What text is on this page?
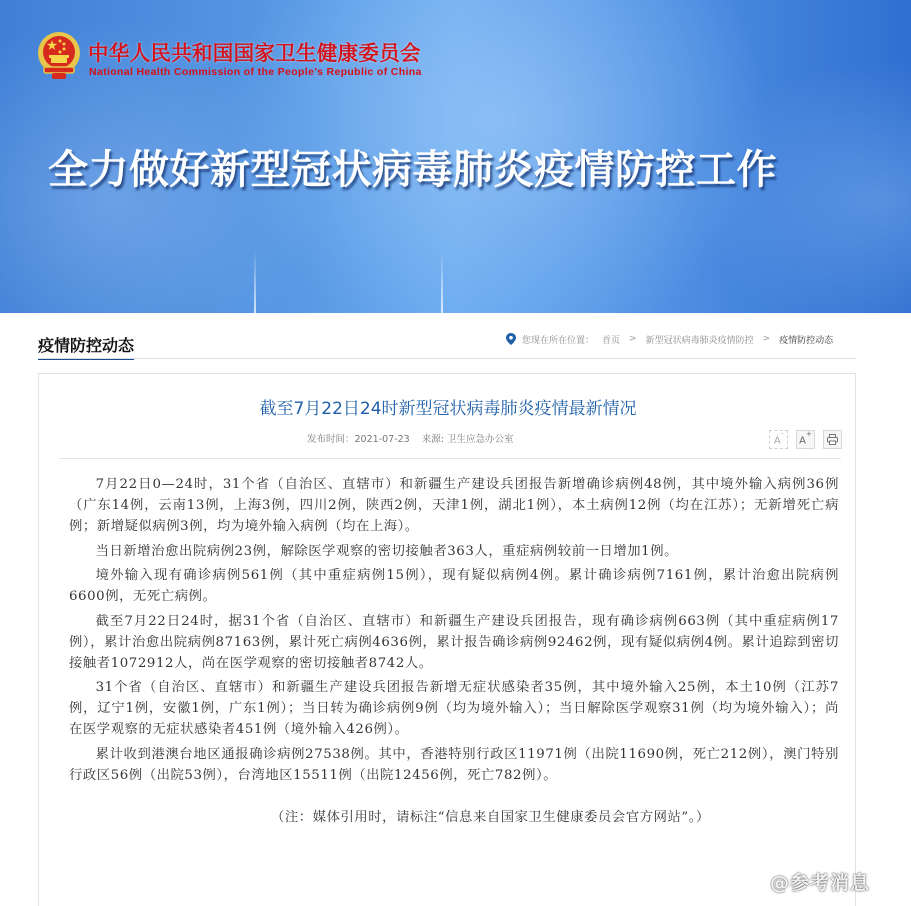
中华人民共和国国家卫生健康委员会
National Health Commission of the People’s Republic of China
全力做好新型冠状病毒肺炎疫情防控工作
疫情防控动态	您现在所在位置： 首页 > 新型冠状病毒肺炎疫情防控 > 疫情防控动态
截至7月22日24时新型冠状病毒肺炎疫情最新情况
发布时间：2021-07-23 来源: 卫生应急办公室	A-
A+

7月22日0—24时，31个省（自治区、直辖市）和新疆生产建设兵团报告新增确诊病例48例，其中境外输入病例36例（广东14例，云南13例，上海3例，四川2例，陕西2例，天津1例，湖北1例），本土病例12例（均在江苏）；无新增死亡病例；新增疑似病例3例，均为境外输入病例（均在上海）。

当日新增治愈出院病例23例，解除医学观察的密切接触者363人，重症病例较前一日增加1例。

境外输入现有确诊病例561例（其中重症病例15例），现有疑似病例4例。累计确诊病例7161例，累计治愈出院病例6600例，无死亡病例。

截至7月22日24时，据31个省（自治区、直辖市）和新疆生产建设兵团报告，现有确诊病例663例（其中重症病例17例），累计治愈出院病例87163例，累计死亡病例4636例，累计报告确诊病例92462例，现有疑似病例4例。累计追踪到密切接触者1072912人，尚在医学观察的密切接触者8742人。

31个省（自治区、直辖市）和新疆生产建设兵团报告新增无症状感染者35例，其中境外输入25例，本土10例（江苏7例，辽宁1例，安徽1例，广东1例）；当日转为确诊病例9例（均为境外输入）；当日解除医学观察31例（均为境外输入）；尚在医学观察的无症状感染者451例（境外输入426例）。

累计收到港澳台地区通报确诊病例27538例。其中，香港特别行政区11971例（出院11690例，死亡212例），澳门特别行政区56例（出院53例），台湾地区15511例（出院12456例，死亡782例）。

（注：媒体引用时，请标注“信息来自国家卫生健康委员会官方网站”。）

@参考消息
